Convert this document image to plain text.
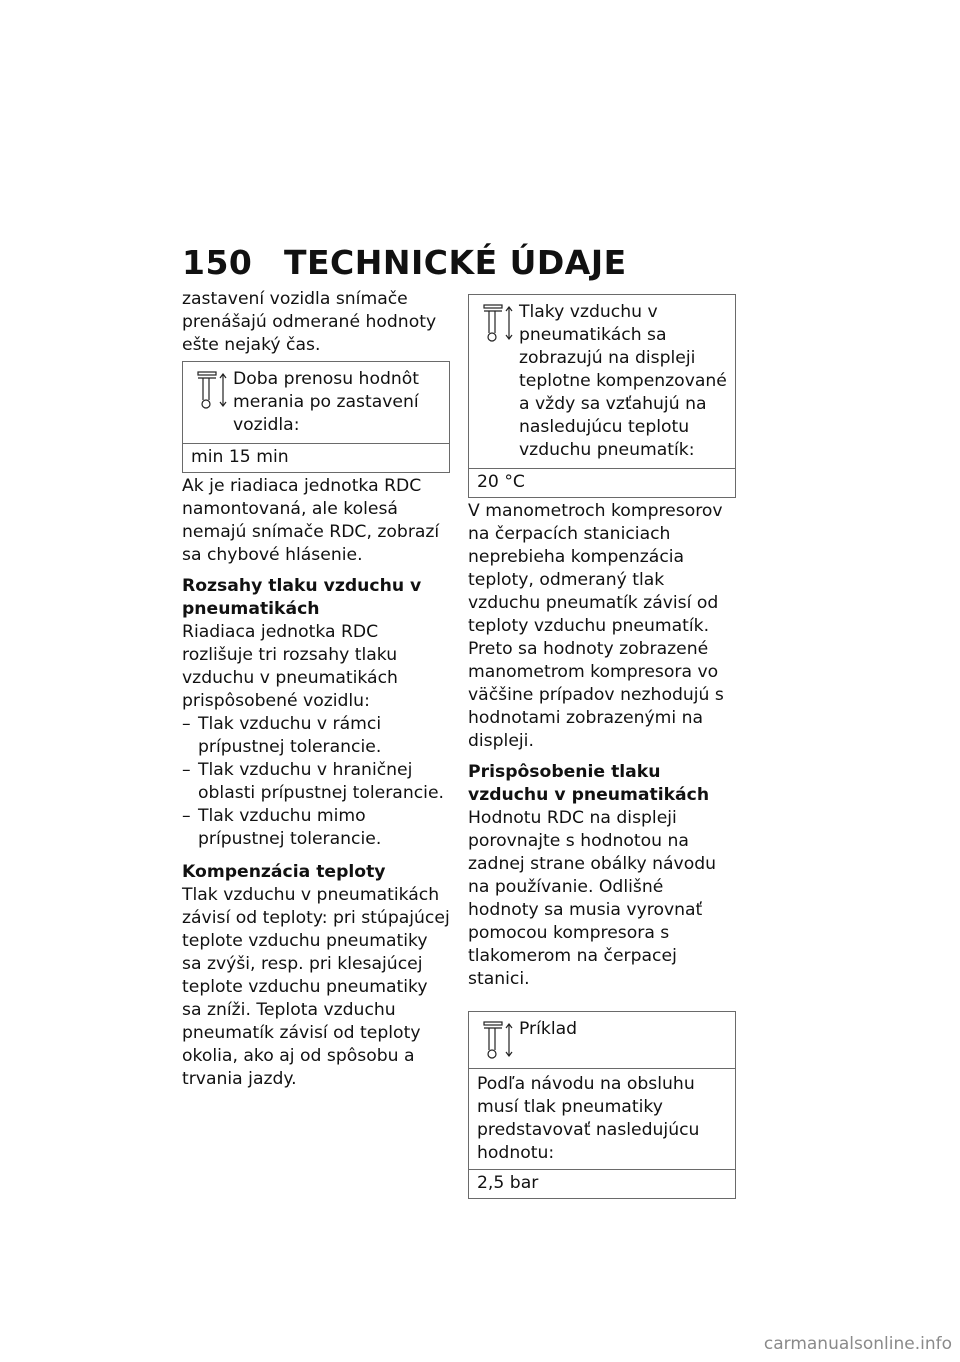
150 TECHNICKÉ ÚDAJE

zastavení vozidla snímače prenášajú odmerané hodnoty ešte nejaký čas.

Doba prenosu hodnôt merania po zastavení vozidla:
min 15 min

Ak je riadiaca jednotka RDC namontovaná, ale kolesá nemajú snímače RDC, zobrazí sa chybové hlásenie.

Rozsahy tlaku vzduchu v pneumatikách

Riadiaca jednotka RDC rozlišuje tri rozsahy tlaku vzduchu v pneumatikách prispôsobené vozidlu:

– Tlak vzduchu v rámci prípustnej tolerancie.
– Tlak vzduchu v hraničnej oblasti prípustnej tolerancie.
– Tlak vzduchu mimo prípustnej tolerancie.

Kompenzácia teploty

Tlak vzduchu v pneumatikách závisí od teploty: pri stúpajúcej teplote vzduchu pneumatiky sa zvýši, resp. pri klesajúcej teplote vzduchu pneumatiky sa zníži. Teplota vzduchu pneumatík závisí od teploty okolia, ako aj od spôsobu a trvania jazdy.

Tlaky vzduchu v pneumatikách sa zobrazujú na displeji teplotne kompenzované a vždy sa vzťahujú na nasledujúcu teplotu vzduchu pneumatík:
20 °C

V manometroch kompresorov na čerpacích staniciach neprebieha kompenzácia teploty, odmeraný tlak vzduchu pneumatík závisí od teploty vzduchu pneumatík. Preto sa hodnoty zobrazené manometrom kompresora vo väčšine prípadov nezhodujú s hodnotami zobrazenými na displeji.

Prispôsobenie tlaku vzduchu v pneumatikách

Hodnotu RDC na displeji porovnajte s hodnotou na zadnej strane obálky návodu na používanie. Odlišné hodnoty sa musia vyrovnať pomocou kompresora s tlakomerom na čerpacej stanici.

Príklad
Podľa návodu na obsluhu musí tlak pneumatiky predstavovať nasledujúcu hodnotu:
2,5 bar
carmanualsonline.info
